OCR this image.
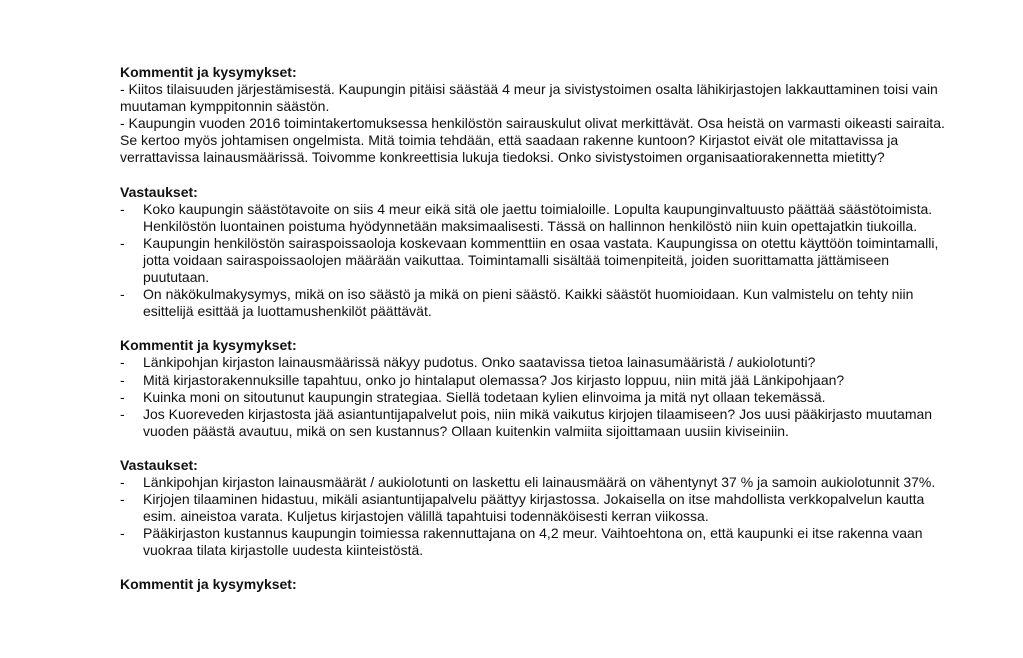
Kommentit ja kysymykset:

- Kiitos tilaisuuden järjestämisestä. Kaupungin pitäisi säästää 4 meur ja sivistystoimen osalta lähikirjastojen lakkauttaminen toisi vain muutaman kymppitonnin säästön.

- Kaupungin vuoden 2016 toimintakertomuksessa henkilöstön sairauskulut olivat merkittävät. Osa heistä on varmasti oikeasti sairaita. Se kertoo myös johtamisen ongelmista. Mitä toimia tehdään, että saadaan rakenne kuntoon? Kirjastot eivät ole mitattavissa ja verrattavissa lainausmäärissä. Toivomme konkreettisia lukuja tiedoksi. Onko sivistystoimen organisaatiorakennetta mietitty?

Vastaukset:

- Koko kaupungin säästötavoite on siis 4 meur eikä sitä ole jaettu toimialoille. Lopulta kaupunginvaltuusto päättää säästötoimista. Henkilöstön luontainen poistuma hyödynnetään maksimaalisesti. Tässä on hallinnon henkilöstö niin kuin opettajatkin tiukoilla.
- Kaupungin henkilöstön sairaspoissaoloja koskevaan kommenttiin en osaa vastata. Kaupungissa on otettu käyttöön toimintamalli, jotta voidaan sairaspoissaolojen määrään vaikuttaa. Toimintamalli sisältää toimenpiteitä, joiden suorittamatta jättämiseen puututaan.
- On näkökulmakysymys, mikä on iso säästö ja mikä on pieni säästö. Kaikki säästöt huomioidaan. Kun valmistelu on tehty niin esittelijä esittää ja luottamushenkilöt päättävät.

Kommentit ja kysymykset:

- Länkipohjan kirjaston lainausmäärissä näkyy pudotus. Onko saatavissa tietoa lainasumääristä / aukiolotunti?
- Mitä kirjastorakennuksille tapahtuu, onko jo hintalaput olemassa? Jos kirjasto loppuu, niin mitä jää Länkipohjaan?
- Kuinka moni on sitoutunut kaupungin strategiaa. Siellä todetaan kylien elinvoima ja mitä nyt ollaan tekemässä.
- Jos Kuoreveden kirjastosta jää asiantuntijapalvelut pois, niin mikä vaikutus kirjojen tilaamiseen? Jos uusi pääkirjasto muutaman vuoden päästä avautuu, mikä on sen kustannus? Ollaan kuitenkin valmiita sijoittamaan uusiin kiviseiniin.

Vastaukset:

- Länkipohjan kirjaston lainausmäärät / aukiolotunti on laskettu eli lainausmäärä on vähentynyt 37 % ja samoin aukiolotunnit 37%.
- Kirjojen tilaaminen hidastuu, mikäli asiantuntijapalvelu päättyy kirjastossa. Jokaisella on itse mahdollista verkkopalvelun kautta esim. aineistoa varata. Kuljetus kirjastojen välillä tapahtuisi todennäköisesti kerran viikossa.
- Pääkirjaston kustannus kaupungin toimiessa rakennuttajana on 4,2 meur. Vaihtoehtona on, että kaupunki ei itse rakenna vaan vuokraa tilata kirjastolle uudesta kiinteistöstä.

Kommentit ja kysymykset:
